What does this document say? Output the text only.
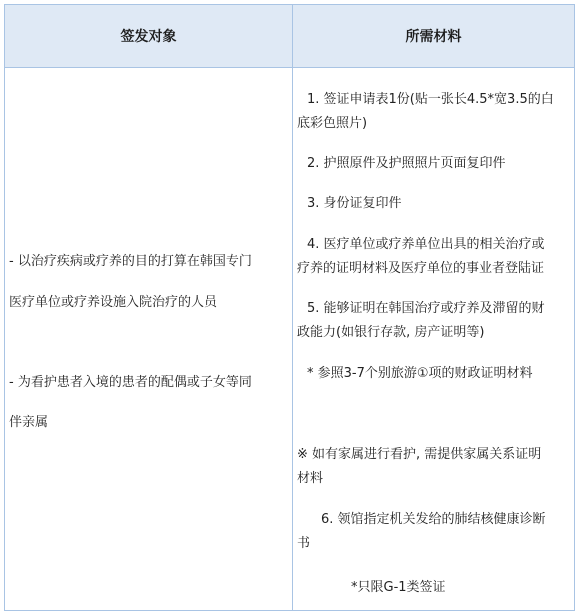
签发对象	所需材料
- 以治疗疾病或疗养的目的打算在韩国专门
医疗单位或疗养设施入院治疗的人员
- 为看护患者入境的患者的配偶或子女等同
伴亲属
1. 签证申请表1份(贴一张长4.5*宽3.5的白
底彩色照片)
2. 护照原件及护照照片页面复印件
3. 身份证复印件
4. 医疗单位或疗养单位出具的相关治疗或
疗养的证明材料及医疗单位的事业者登陆证
5. 能够证明在韩国治疗或疗养及滞留的财
政能力(如银行存款, 房产证明等)
* 参照3-7个别旅游①项的财政证明材料
※ 如有家属进行看护, 需提供家属关系证明
材料
6. 领馆指定机关发给的肺结核健康诊断
书
*只限G-1类签证
